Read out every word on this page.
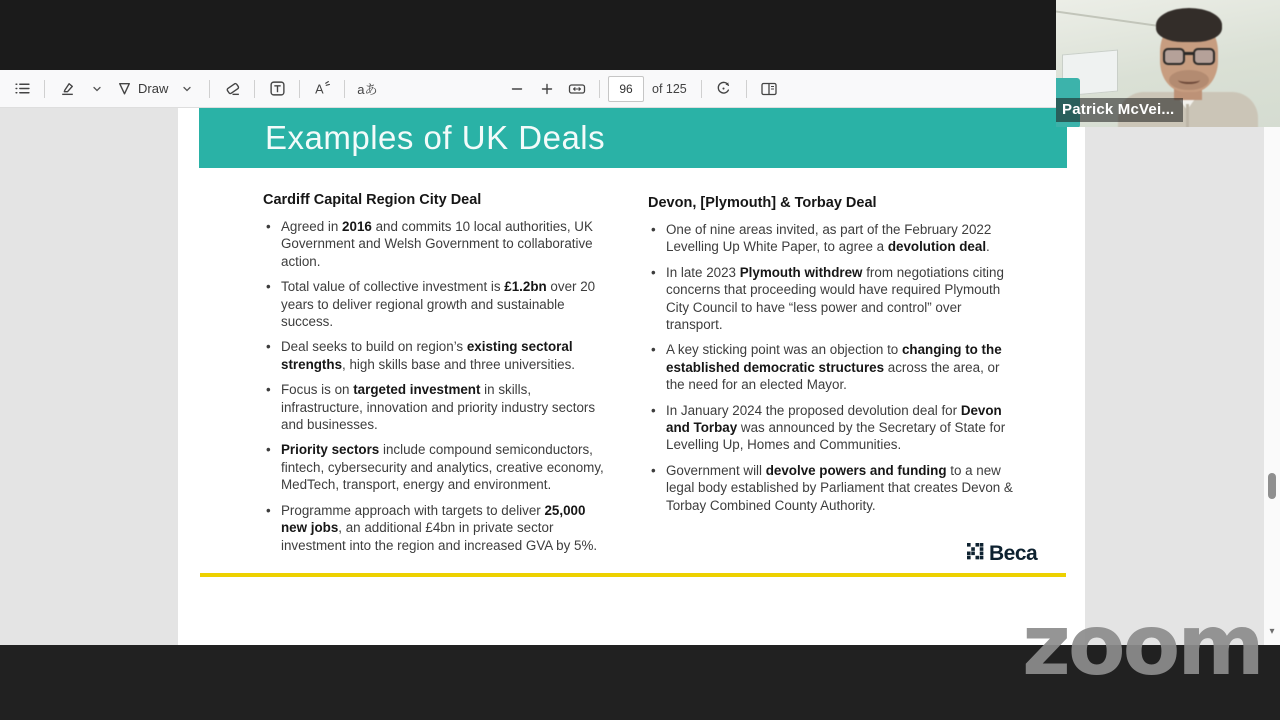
Draw	A	aあ
96	of 125
Examples of UK Deals
Cardiff Capital Region City Deal
• Agreed in 2016 and commits 10 local authorities, UK Government and Welsh Government to collaborative action.
• Total value of collective investment is £1.2bn over 20 years to deliver regional growth and sustainable success.
• Deal seeks to build on region’s existing sectoral strengths, high skills base and three universities.
• Focus is on targeted investment in skills, infrastructure, innovation and priority industry sectors and businesses.
• Priority sectors include compound semiconductors, fintech, cybersecurity and analytics, creative economy, MedTech, transport, energy and environment.
• Programme approach with targets to deliver 25,000 new jobs, an additional £4bn in private sector investment into the region and increased GVA by 5%.
Devon, [Plymouth] & Torbay Deal
• One of nine areas invited, as part of the February 2022 Levelling Up White Paper, to agree a devolution deal.
• In late 2023 Plymouth withdrew from negotiations citing concerns that proceeding would have required Plymouth City Council to have “less power and control” over transport.
• A key sticking point was an objection to changing to the established democratic structures across the area, or the need for an elected Mayor.
• In January 2024 the proposed devolution deal for Devon and Torbay was announced by the Secretary of State for Levelling Up, Homes and Communities.
• Government will devolve powers and funding to a new legal body established by Parliament that creates Devon & Torbay Combined County Authority.
Beca
▾
zoom
Patrick McVei...
